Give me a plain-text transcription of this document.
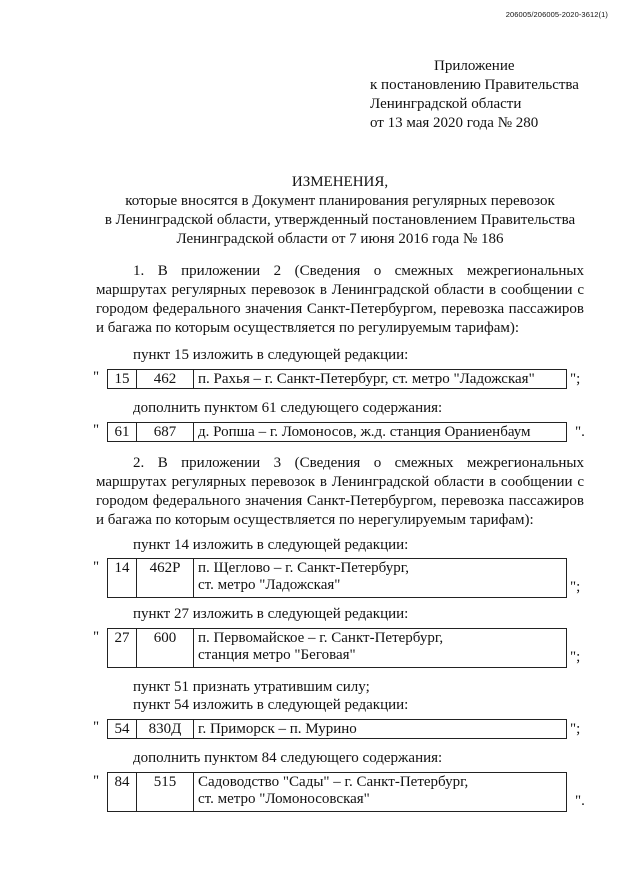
206005/206005-2020-3612(1)
Приложение
к постановлению Правительства
Ленинградской области
от 13 мая 2020 года № 280
ИЗМЕНЕНИЯ,
которые вносятся в Документ планирования регулярных перевозок
в Ленинградской области, утвержденный постановлением Правительства
Ленинградской области от 7 июня 2016 года № 186
1. В приложении 2 (Сведения о смежных межрегиональных маршрутах регулярных перевозок в Ленинградской области в сообщении с городом федерального значения Санкт-Петербургом, перевозка пассажиров и багажа по которым осуществляется по регулируемым тарифам):
пункт 15 изложить в следующей редакции:
" 15	462	п. Рахья – г. Санкт-Петербург, ст. метро "Ладожская" ";
дополнить пунктом 61 следующего содержания:
" 61	687	д. Ропша – г. Ломоносов, ж.д. станция Ораниенбаум	".
2. В приложении 3 (Сведения о смежных межрегиональных маршрутах регулярных перевозок в Ленинградской области в сообщении с городом федерального значения Санкт-Петербургом, перевозка пассажиров и багажа по которым осуществляется по нерегулируемым тарифам):
пункт 14 изложить в следующей редакции:
" 14	462Р	п. Щеглово – г. Санкт-Петербург,
ст. метро "Ладожская"	";
пункт 27 изложить в следующей редакции:
" 27	600	п. Первомайское – г. Санкт-Петербург,
станция метро "Беговая"	";
пункт 51 признать утратившим силу;
пункт 54 изложить в следующей редакции:
" 54	830Д	г. Приморск – п. Мурино	";
дополнить пунктом 84 следующего содержания:
" 84	515	Садоводство "Сады" – г. Санкт-Петербург,
ст. метро "Ломоносовская"	".
